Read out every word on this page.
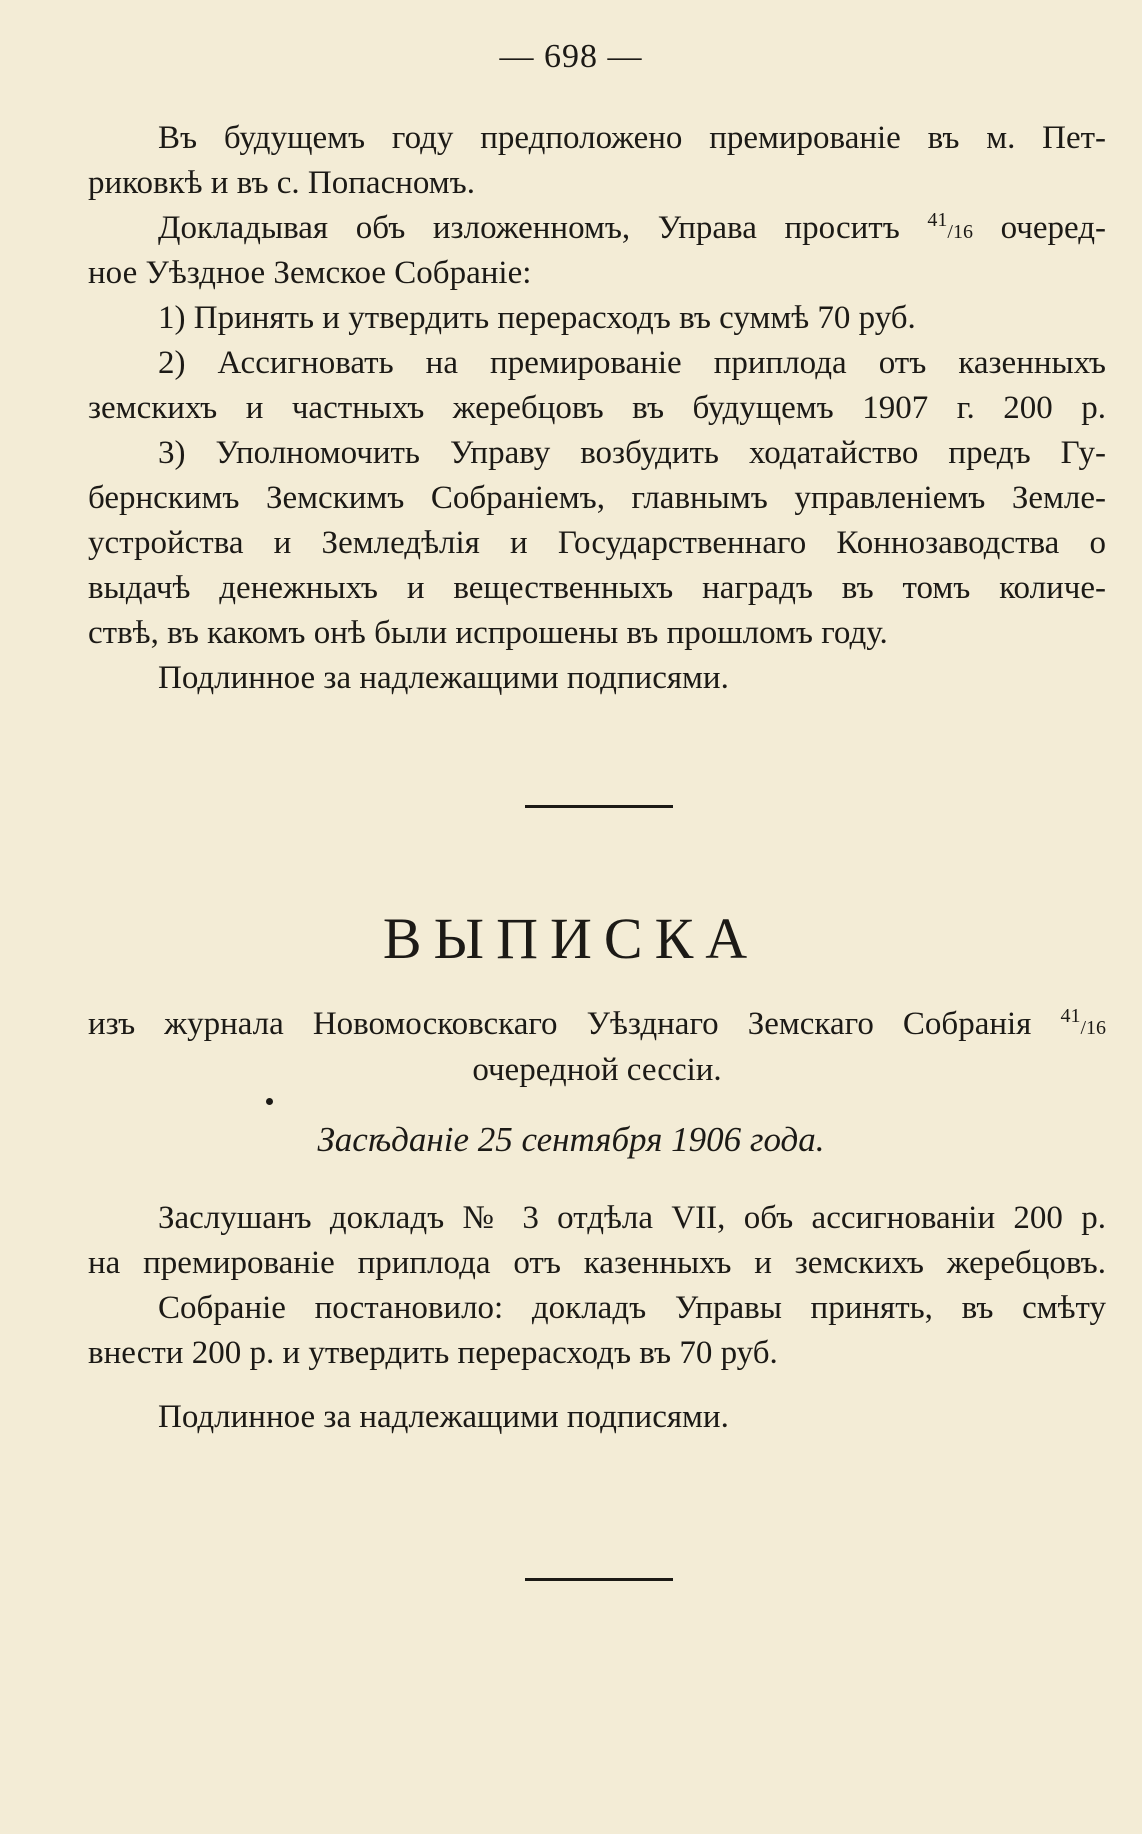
— 698 —
Въ будущемъ году предположено премированіе въ м. Пет-
риковкѣ и въ с. Попасномъ.
Докладывая объ изложенномъ, Управа проситъ $^{41}$/16 очеред-
ное Уѣздное Земское Собраніе:
1) Принять и утвердить перерасходъ въ суммѣ 70 руб.
2) Ассигновать на премированіе приплода отъ казенныхъ
земскихъ и частныхъ жеребцовъ въ будущемъ 1907 г. 200 р.
3) Уполномочить Управу возбудить ходатайство предъ Гу-
бернскимъ Земскимъ Собраніемъ, главнымъ управленіемъ Земле-
устройства и Земледѣлія и Государственнаго Коннозаводства о
выдачѣ денежныхъ и вещественныхъ наградъ въ томъ количе-
ствѣ, въ какомъ онѣ были испрошены въ прошломъ году.
Подлинное за надлежащими подписями.
ВЫПИСКА
изъ журнала Новомосковскаго Уѣзднаго Земскаго Собранія $^{41}$/16
очередной сессіи.
Засѣданіе 25 сентября 1906 года.
Заслушанъ докладъ № 3 отдѣла VII, объ ассигнованіи 200 р.
на премированіе приплода отъ казенныхъ и земскихъ жеребцовъ.
Собраніе постановило: докладъ Управы принять, въ смѣту
внести 200 р. и утвердить перерасходъ въ 70 руб.
Подлинное за надлежащими подписями.
